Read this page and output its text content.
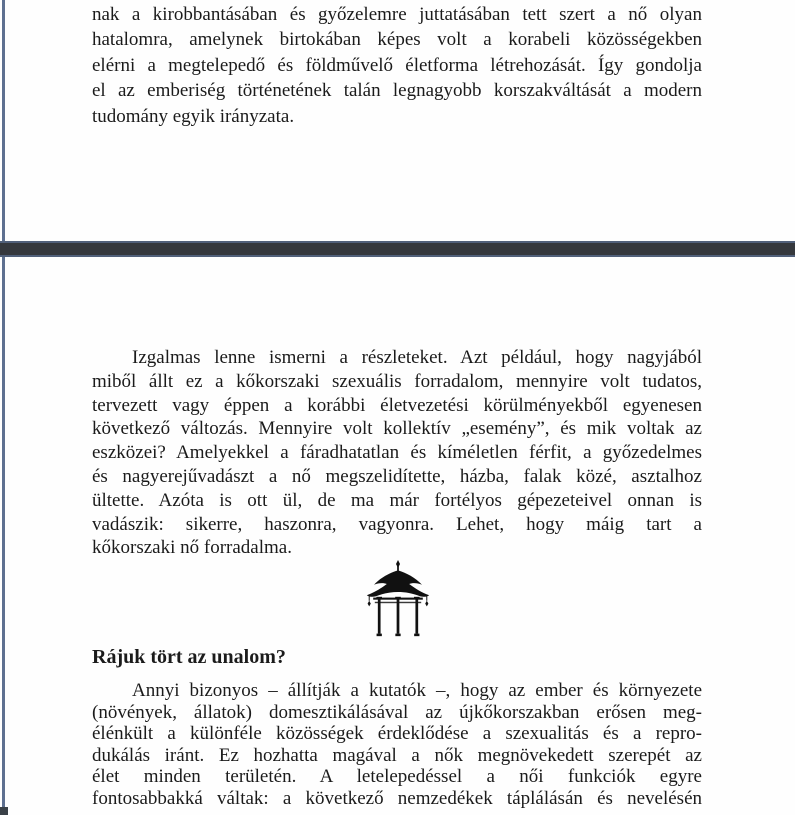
nak a kirobbantásában és győzelemre juttatásában tett szert a nő olyan
hatalomra, amelynek birtokában képes volt a korabeli közösségekben
elérni a megtelepedő és földművelő életforma létrehozását. Így gondolja
el az emberiség történetének talán legnagyobb korszakváltását a modern
tudomány egyik irányzata.
Izgalmas lenne ismerni a részleteket. Azt például, hogy nagyjából
miből állt ez a kőkorszaki szexuális forradalom, mennyire volt tudatos,
tervezett vagy éppen a korábbi életvezetési körülményekből egyenesen
következő változás. Mennyire volt kollektív „esemény”, és mik voltak az
eszközei? Amelyekkel a fáradhatatlan és kíméletlen férfit, a győzedelmes
és nagyerejűvadászt a nő megszelidítette, házba, falak közé, asztalhoz
ültette. Azóta is ott ül, de ma már fortélyos gépezeteivel onnan is
vadászik: sikerre, haszonra, vagyonra. Lehet, hogy máig tart a
kőkorszaki nő forradalma.
Rájuk tört az unalom?
Annyi bizonyos – állítják a kutatók –, hogy az ember és környezete
(növények, állatok) domesztikálásával az újkőkorszakban erősen meg-
élénkült a különféle közösségek érdeklődése a szexualitás és a repro-
dukálás iránt. Ez hozhatta magával a nők megnövekedett szerepét az
élet minden területén. A letelepedéssel a női funkciók egyre
fontosabbakká váltak: a következő nemzedékek táplálásán és nevelésén
